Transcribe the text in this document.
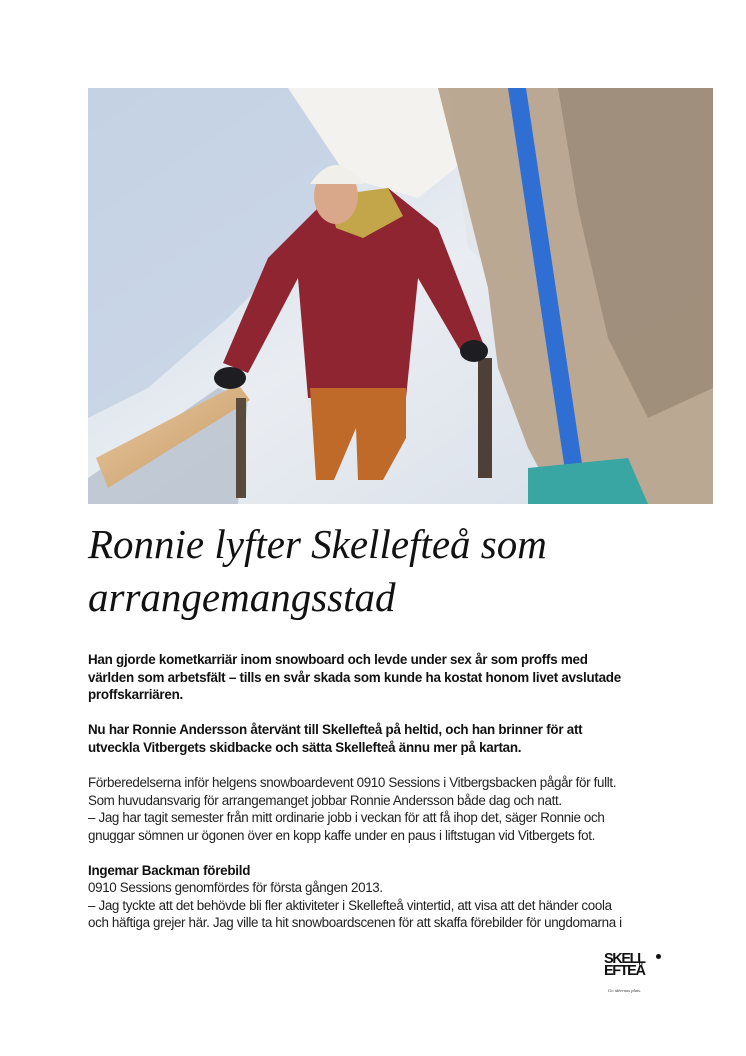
Ronnie lyfter Skellefteå som
arrangemangsstad

Han gjorde kometkarriär inom snowboard och levde under sex år som proffs med
världen som arbetsfält – tills en svår skada som kunde ha kostat honom livet avslutade
proffskarriären.

Nu har Ronnie Andersson återvänt till Skellefteå på heltid, och han brinner för att
utveckla Vitbergets skidbacke och sätta Skellefteå ännu mer på kartan.

Förberedelserna inför helgens snowboardevent 0910 Sessions i Vitbergsbacken pågår för fullt.
Som huvudansvarig för arrangemanget jobbar Ronnie Andersson både dag och natt.
– Jag har tagit semester från mitt ordinarie jobb i veckan för att få ihop det, säger Ronnie och
gnuggar sömnen ur ögonen över en kopp kaffe under en paus i liftstugan vid Vitbergets fot.

Ingemar Backman förebild

0910 Sessions genomfördes för första gången 2013.
– Jag tyckte att det behövde bli fler aktiviteter i Skellefteå vintertid, att visa att det händer coola
och häftiga grejer här. Jag ville ta hit snowboardscenen för att skaffa förebilder för ungdomarna i

SKELL
EFTEÅ
Go idéernas plats.
